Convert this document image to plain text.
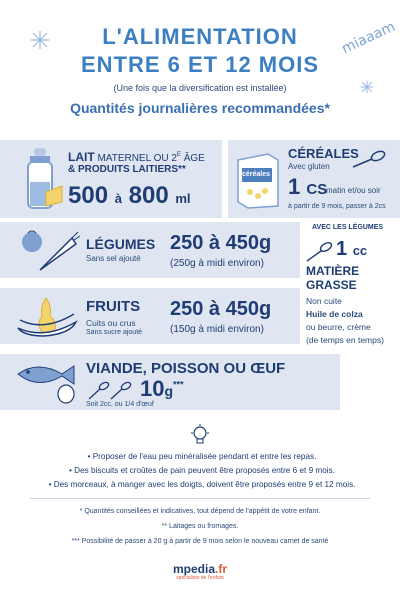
L'ALIMENTATION
ENTRE 6 ET 12 MOIS
miaaam
(Une fois que la diversification est installée)
Quantités journalières recommandées*
LAIT MATERNEL OU $2^E$ ÂGE
& PRODUITS LAITIERS**
500 à 800 ml
céréales
CÉRÉALES
Avec gluten
1 CS
matin et/ou soir
à partir de 9 mois, passer à 2cs
LÉGUMES
Sans sel ajouté
250 à 450g
(250g à midi environ)
AVEC LES LÉGUMES
1 cc
MATIÈRE
GRASSE
Non cuite
Huile de colza
ou beurre, crème
(de temps en temps)
FRUITS
Cuits ou crus
Sans sucre ajouté
250 à 450g
(150g à midi environ)
VIANDE, POISSON OU ŒUF
10g***
Soit 2cc, ou 1/4 d'œuf
• Proposer de l'eau peu minéralisée pendant et entre les repas.
• Des biscuits et croûtes de pain peuvent être proposés entre 6 et 9 mois.
• Des morceaux, à manger avec les doigts, doivent être proposés entre 9 et 12 mois.
* Quantités conseillées et indicatives, tout dépend de l'appétit de votre enfant.
** Laitages ou fromages.
*** Possibilité de passer à 20 g à partir de 9 mois selon le nouveau carnet de santé
mpedia.fr
spécialiste de l'enfant
